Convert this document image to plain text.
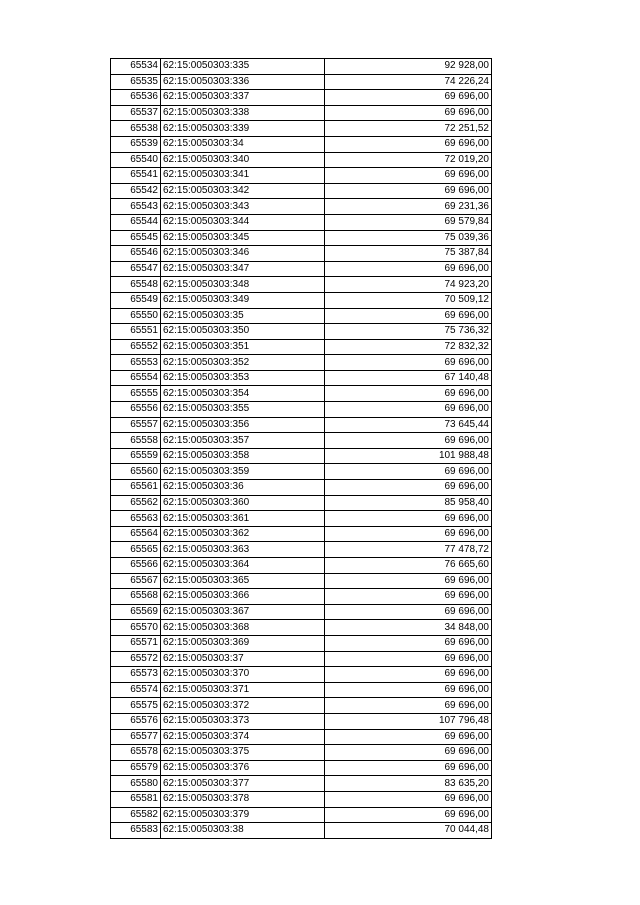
65534	62:15:0050303:335	92 928,00
65535	62:15:0050303:336	74 226,24
65536	62:15:0050303:337	69 696,00
65537	62:15:0050303:338	69 696,00
65538	62:15:0050303:339	72 251,52
65539	62:15:0050303:34	69 696,00
65540	62:15:0050303:340	72 019,20
65541	62:15:0050303:341	69 696,00
65542	62:15:0050303:342	69 696,00
65543	62:15:0050303:343	69 231,36
65544	62:15:0050303:344	69 579,84
65545	62:15:0050303:345	75 039,36
65546	62:15:0050303:346	75 387,84
65547	62:15:0050303:347	69 696,00
65548	62:15:0050303:348	74 923,20
65549	62:15:0050303:349	70 509,12
65550	62:15:0050303:35	69 696,00
65551	62:15:0050303:350	75 736,32
65552	62:15:0050303:351	72 832,32
65553	62:15:0050303:352	69 696,00
65554	62:15:0050303:353	67 140,48
65555	62:15:0050303:354	69 696,00
65556	62:15:0050303:355	69 696,00
65557	62:15:0050303:356	73 645,44
65558	62:15:0050303:357	69 696,00
65559	62:15:0050303:358	101 988,48
65560	62:15:0050303:359	69 696,00
65561	62:15:0050303:36	69 696,00
65562	62:15:0050303:360	85 958,40
65563	62:15:0050303:361	69 696,00
65564	62:15:0050303:362	69 696,00
65565	62:15:0050303:363	77 478,72
65566	62:15:0050303:364	76 665,60
65567	62:15:0050303:365	69 696,00
65568	62:15:0050303:366	69 696,00
65569	62:15:0050303:367	69 696,00
65570	62:15:0050303:368	34 848,00
65571	62:15:0050303:369	69 696,00
65572	62:15:0050303:37	69 696,00
65573	62:15:0050303:370	69 696,00
65574	62:15:0050303:371	69 696,00
65575	62:15:0050303:372	69 696,00
65576	62:15:0050303:373	107 796,48
65577	62:15:0050303:374	69 696,00
65578	62:15:0050303:375	69 696,00
65579	62:15:0050303:376	69 696,00
65580	62:15:0050303:377	83 635,20
65581	62:15:0050303:378	69 696,00
65582	62:15:0050303:379	69 696,00
65583	62:15:0050303:38	70 044,48
